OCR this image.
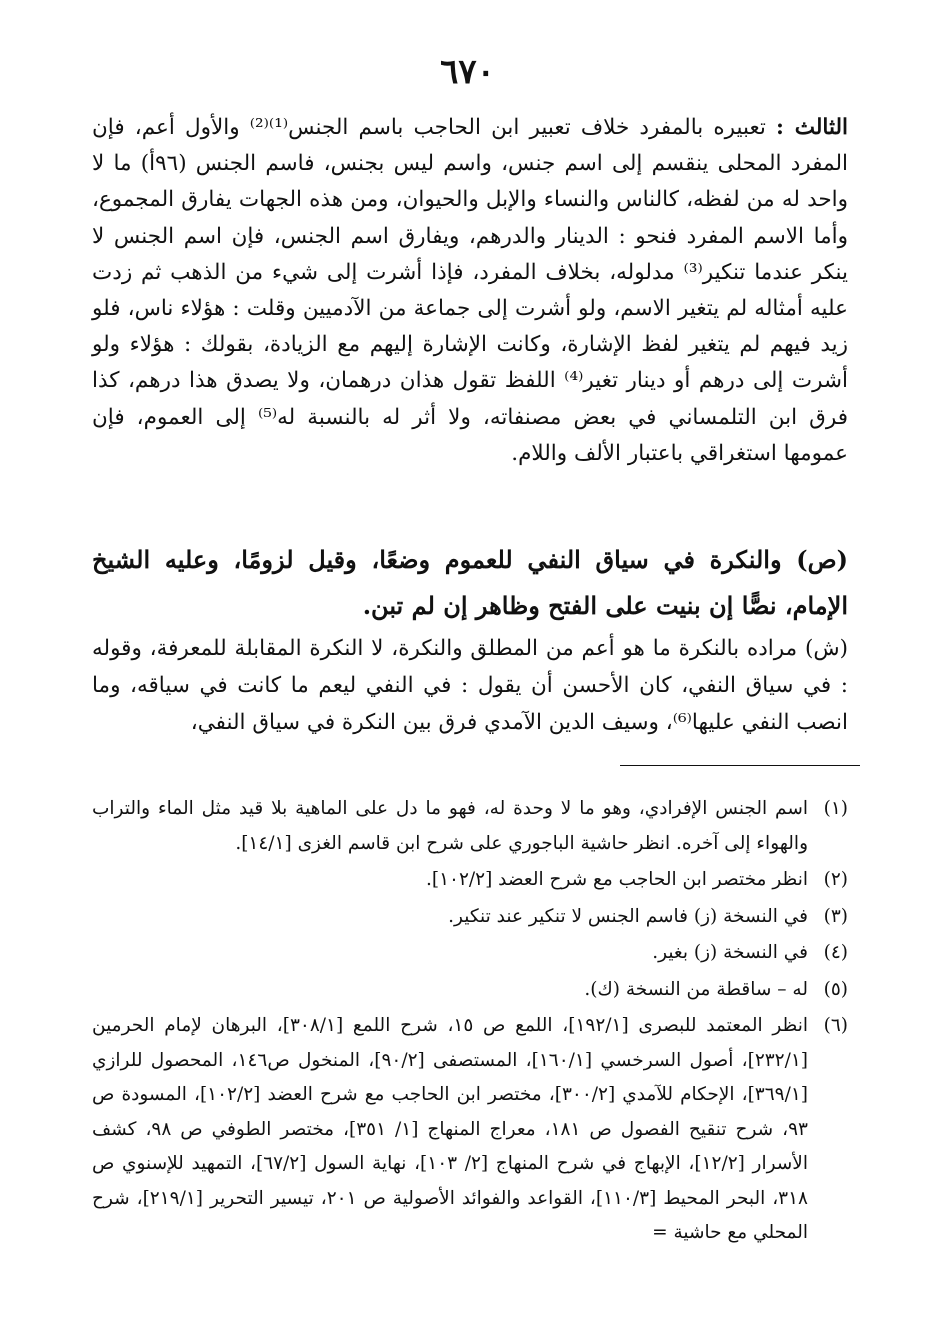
٦٧٠

الثالث : تعبيره بالمفرد خلاف تعبير ابن الحاجب باسم الجنس⁽¹⁾⁽²⁾ والأول أعم، فإن المفرد المحلى ينقسم إلى اسم جنس، واسم ليس بجنس، فاسم الجنس (٩٦أ) ما لا واحد له من لفظه، كالناس والنساء والإبل والحيوان، ومن هذه الجهات يفارق المجموع، وأما الاسم المفرد فنحو : الدينار والدرهم، ويفارق اسم الجنس، فإن اسم الجنس لا ينكر عندما تنكير⁽³⁾ مدلوله، بخلاف المفرد، فإذا أشرت إلى شيء من الذهب ثم زدت عليه أمثاله لم يتغير الاسم، ولو أشرت إلى جماعة من الآدميين وقلت : هؤلاء ناس، فلو زيد فيهم لم يتغير لفظ الإشارة، وكانت الإشارة إليهم مع الزيادة، بقولك : هؤلاء ولو أشرت إلى درهم أو دينار تغير⁽⁴⁾ اللفظ تقول هذان درهمان، ولا يصدق هذا درهم، كذا فرق ابن التلمساني في بعض مصنفاته، ولا أثر له بالنسبة له⁽⁵⁾ إلى العموم، فإن عمومها استغراقي باعتبار الألف واللام.

(ص) والنكرة في سياق النفي للعموم وضعًا، وقيل لزومًا، وعليه الشيخ الإمام، نصًّا إن بنيت على الفتح وظاهر إن لم تبن.
(ش) مراده بالنكرة ما هو أعم من المطلق والنكرة، لا النكرة المقابلة للمعرفة، وقوله : في سياق النفي، كان الأحسن أن يقول : في النفي ليعم ما كانت في سياقه، وما انصب النفي عليها⁽⁶⁾، وسيف الدين الآمدي فرق بين النكرة في سياق النفي،
(١)
اسم الجنس الإفرادي، وهو ما لا وحدة له، فهو ما دل على الماهية بلا قيد مثل الماء والتراب والهواء إلى آخره. انظر حاشية الباجوري على شرح ابن قاسم الغزى [١٤/١].
(٢)
انظر مختصر ابن الحاجب مع شرح العضد [١٠٢/٢].
(٣)
في النسخة (ز) فاسم الجنس لا تنكير عند تنكير.
(٤)
في النسخة (ز) بغير.
(٥)
له – ساقطة من النسخة (ك).
(٦)
انظر المعتمد للبصرى [١٩٢/١]، اللمع ص ١٥، شرح اللمع [٣٠٨/١]، البرهان لإمام الحرمين [٢٣٢/١]، أصول السرخسي [١٦٠/١]، المستصفى [٩٠/٢]، المنخول ص١٤٦، المحصول للرازي [٣٦٩/١]، الإحكام للآمدي [٣٠٠/٢]، مختصر ابن الحاجب مع شرح العضد [١٠٢/٢]، المسودة ص ٩٣، شرح تنقيح الفصول ص ١٨١، معراج المنهاج [١/ ٣٥١]، مختصر الطوفي ص ٩٨، كشف الأسرار [١٢/٢]، الإبهاج في شرح المنهاج [٢/ ١٠٣]، نهاية السول [٦٧/٢]، التمهيد للإسنوي ص ٣١٨، البحر المحيط [١١٠/٣]، القواعد والفوائد الأصولية ص ٢٠١، تيسير التحرير [٢١٩/١]، شرح المحلي مع حاشية =
